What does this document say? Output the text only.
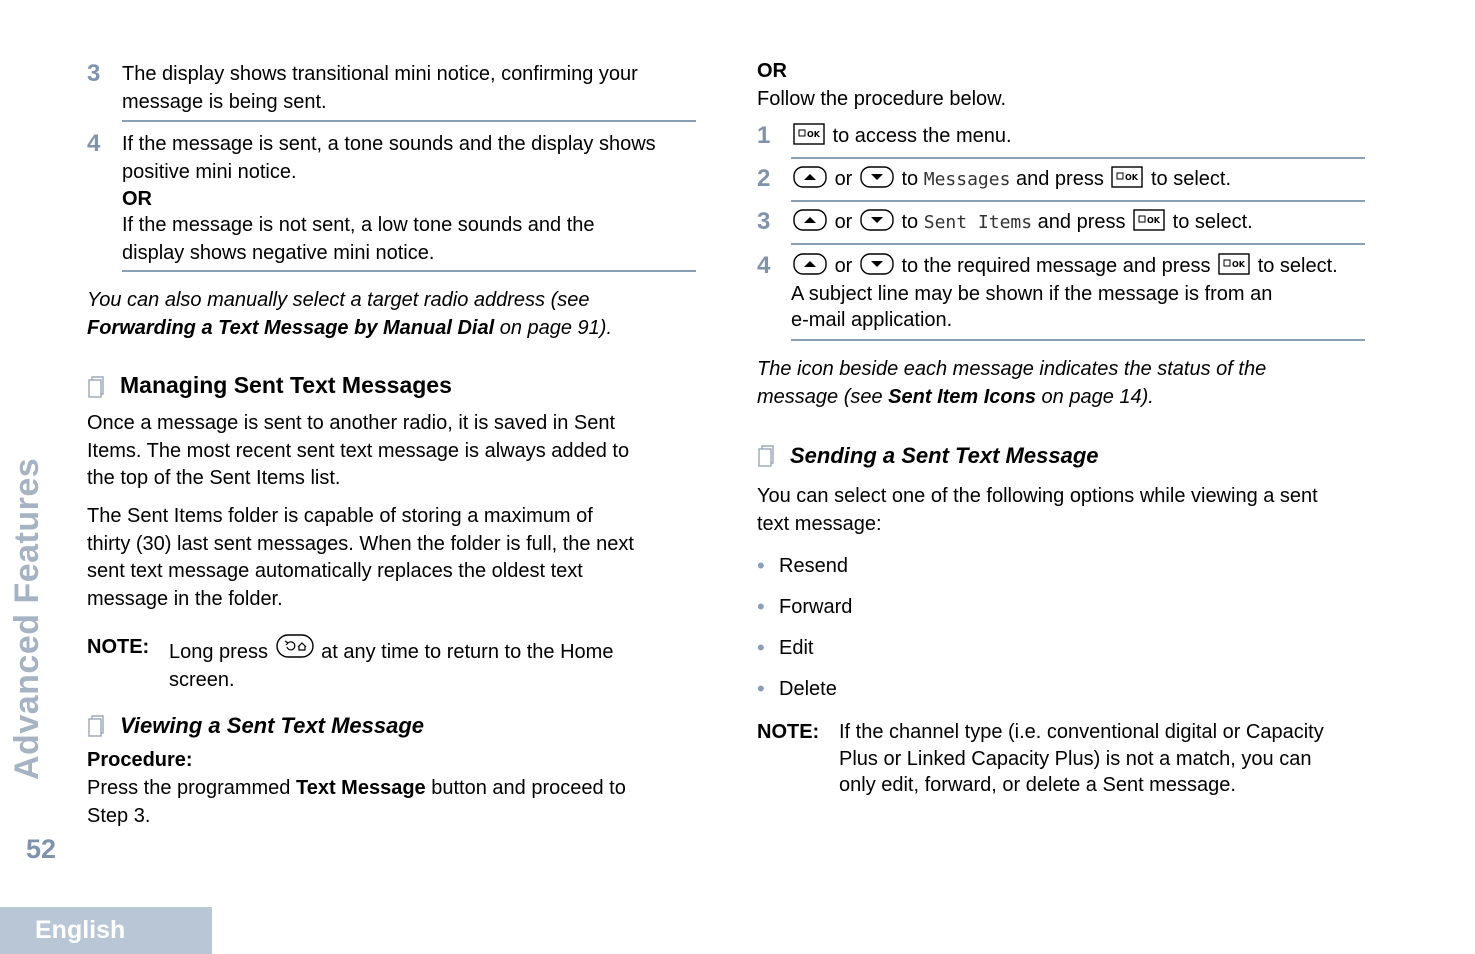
Advanced Features
52
English
3 The display shows transitional mini notice, confirming your
message is being sent.
4 If the message is sent, a tone sounds and the display shows
positive mini notice.
OR
If the message is not sent, a low tone sounds and the
display shows negative mini notice.
You can also manually select a target radio address (see
Forwarding a Text Message by Manual Dial on page 91).
Managing Sent Text Messages
Once a message is sent to another radio, it is saved in Sent
Items. The most recent sent text message is always added to
the top of the Sent Items list.
The Sent Items folder is capable of storing a maximum of
thirty (30) last sent messages. When the folder is full, the next
sent text message automatically replaces the oldest text
message in the folder.
NOTE: Long press	at any time to return to the Home
screen.
Viewing a Sent Text Message
Procedure:
Press the programmed Text Message button and proceed to
Step 3.
OR
Follow the procedure below.
1	OK to access the menu.
2	or to Messages and press	OK to select.
3	or to Sent Items and press	OK to select.
4	or to the required message and press	OK to select.
A subject line may be shown if the message is from an
e-mail application.
The icon beside each message indicates the status of the
message (see Sent Item Icons on page 14).
Sending a Sent Text Message
You can select one of the following options while viewing a sent
text message:
• Resend
• Forward
• Edit
• Delete
NOTE: If the channel type (i.e. conventional digital or Capacity
Plus or Linked Capacity Plus) is not a match, you can
only edit, forward, or delete a Sent message.
